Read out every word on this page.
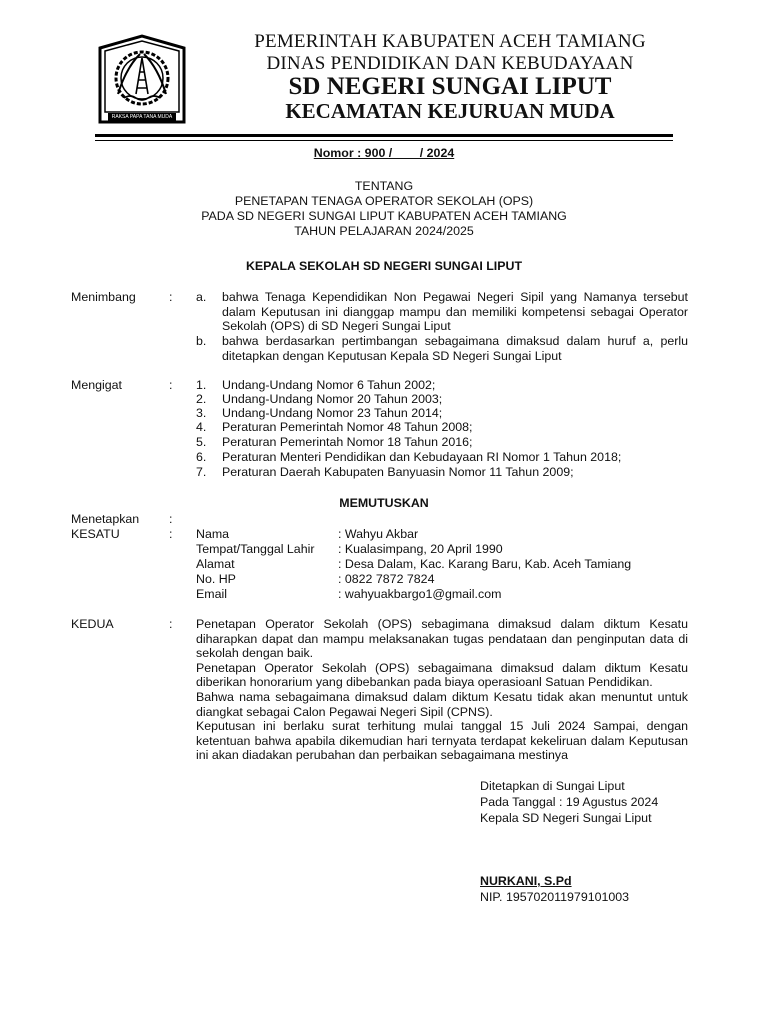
RAKSA PAPA TANA MUDA
PEMERINTAH KABUPATEN ACEH TAMIANG
DINAS PENDIDIKAN DAN KEBUDAYAAN
SD NEGERI SUNGAI LIPUT
KECAMATAN KEJURUAN MUDA
Nomor : 900 /        / 2024
TENTANG
PENETAPAN TENAGA OPERATOR SEKOLAH (OPS)
PADA SD NEGERI SUNGAI LIPUT KABUPATEN ACEH TAMIANG
TAHUN PELAJARAN 2024/2025
KEPALA SEKOLAH SD NEGERI SUNGAI LIPUT
Menimbang	: a. bahwa Tenaga Kependidikan Non Pegawai Negeri Sipil yang Namanya tersebut dalam Keputusan ini dianggap mampu dan memiliki kompetensi sebagai Operator Sekolah (OPS) di SD Negeri Sungai Liput
b. bahwa berdasarkan pertimbangan sebagaimana dimaksud dalam huruf a, perlu ditetapkan dengan Keputusan Kepala SD Negeri Sungai Liput
Mengigat	: 1. Undang-Undang Nomor 6 Tahun 2002;
2. Undang-Undang Nomor 20 Tahun 2003;
3. Undang-Undang Nomor 23 Tahun 2014;
4. Peraturan Pemerintah Nomor 48 Tahun 2008;
5. Peraturan Pemerintah Nomor 18 Tahun 2016;
6. Peraturan Menteri Pendidikan dan Kebudayaan RI Nomor 1 Tahun 2018;
7. Peraturan Daerah Kabupaten Banyuasin Nomor 11 Tahun 2009;
MEMUTUSKAN
Menetapkan :
KESATU	: Nama	: Wahyu Akbar
Tempat/Tanggal Lahir : Kualasimpang, 20 April 1990
Alamat	: Desa Dalam, Kac. Karang Baru, Kab. Aceh Tamiang
No. HP	: 0822 7872 7824
Email	: wahyuakbargo1@gmail.com
KEDUA	: Penetapan Operator Sekolah (OPS) sebagimana dimaksud dalam diktum Kesatu diharapkan dapat dan mampu melaksanakan tugas pendataan dan penginputan data di sekolah dengan baik.
Penetapan Operator Sekolah (OPS) sebagaimana dimaksud dalam diktum Kesatu diberikan honorarium yang dibebankan pada biaya operasioanl Satuan Pendidikan.
Bahwa nama sebagaimana dimaksud dalam diktum Kesatu tidak akan menuntut untuk diangkat sebagai Calon Pegawai Negeri Sipil (CPNS).
Keputusan ini berlaku surat terhitung mulai tanggal 15 Juli 2024 Sampai, dengan ketentuan bahwa apabila dikemudian hari ternyata terdapat kekeliruan dalam Keputusan ini akan diadakan perubahan dan perbaikan sebagaimana mestinya
Ditetapkan di Sungai Liput
Pada Tanggal : 19 Agustus 2024
Kepala SD Negeri Sungai Liput
NURKANI, S.Pd
NIP. 195702011979101003
